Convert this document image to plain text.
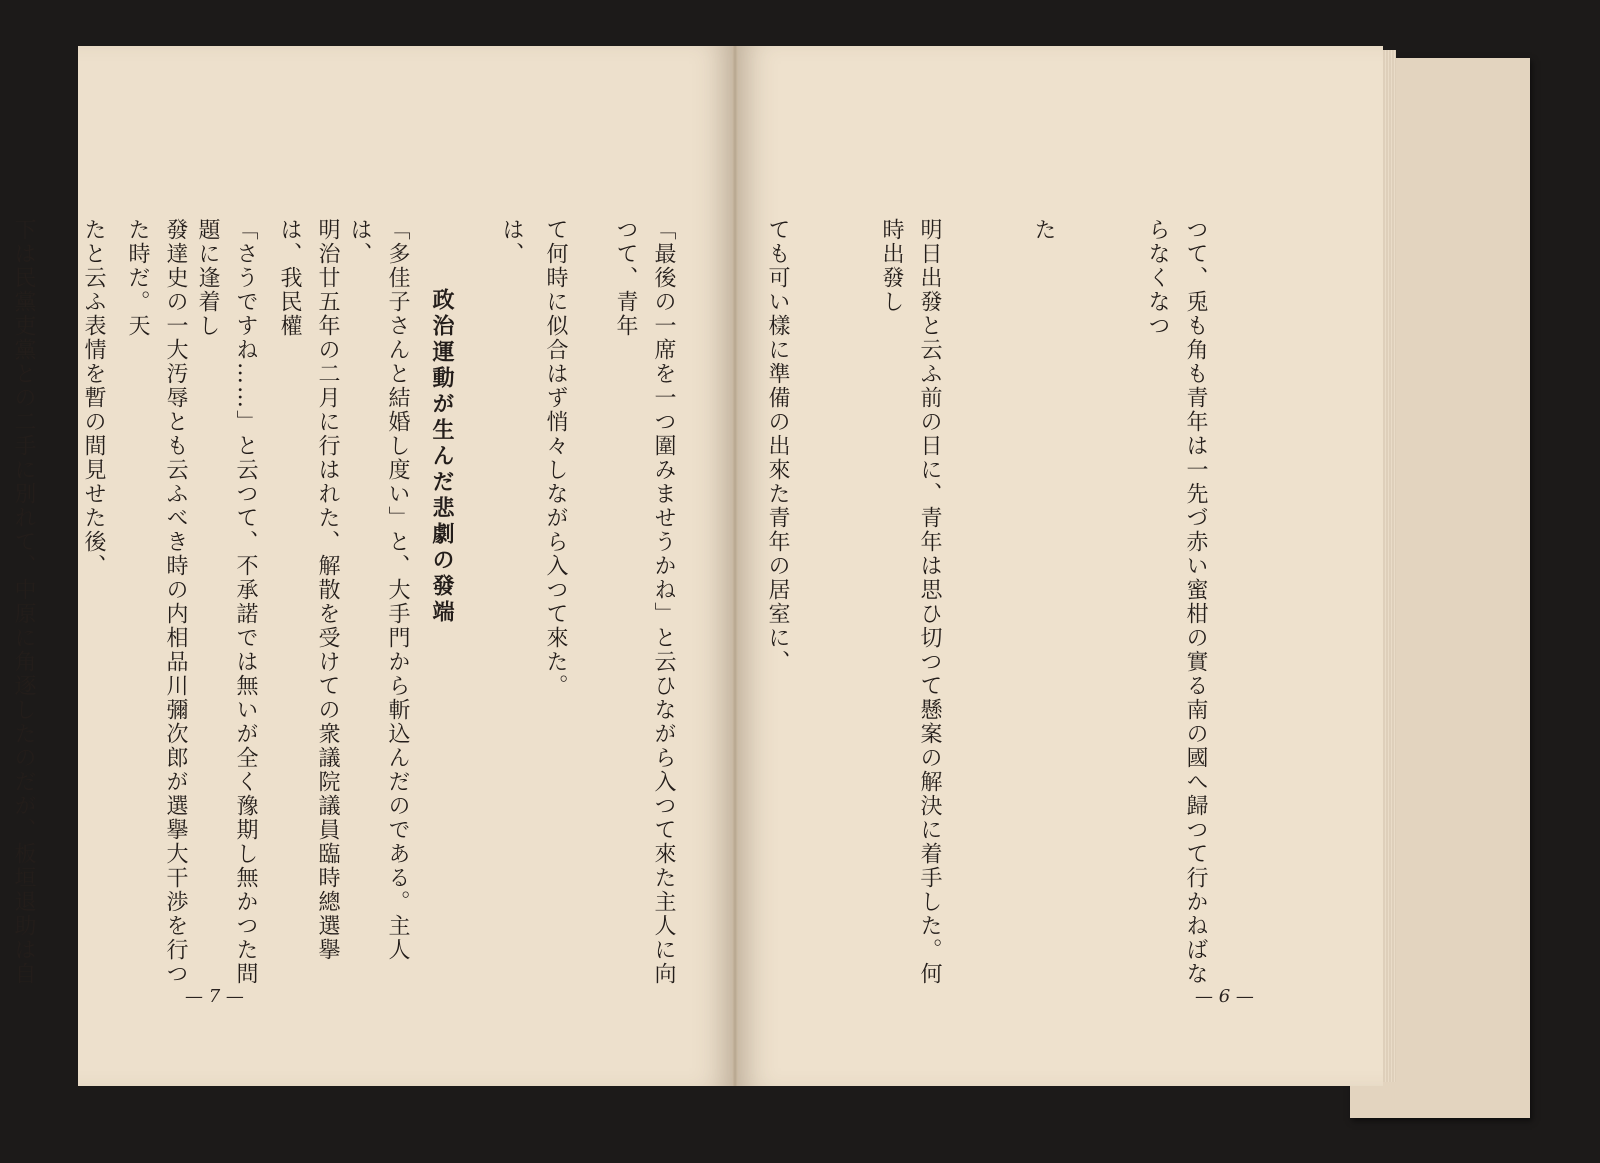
て何時に似合はず悄々しながら入つて來た。

政治運動が生んだ悲劇の發端

明治廿五年の二月に行はれた、解散を受けての衆議院議員臨時總選擧は、我民權

發達史の一大汚辱とも云ふべき時の内相品川彌次郎が選擧大干渉を行つた時だ。天

下は民黨吏黨との二手に別れて、中原に角逐したのだが、板垣退助は自

	つて、兎も角も青年は一先づ赤い蜜柑の實る南の國へ歸つて行かねばならなくなつ

た

明日出發と云ふ前の日に、青年は思ひ切つて懸案の解決に着手した。何時出發し

ても可い樣に準備の出來た青年の居室に、

「最後の一席を一つ圍みませうかね」と云ひながら入つて來た主人に向つて、青年

は、

「多佳子さんと結婚し度い」と、大手門から斬込んだのである。主人は、

「さうですね……」と云つて、不承諾では無いが全く豫期し無かつた問題に逢着し

たと云ふ表情を暫の間見せた後、

— 7 —	— 6 —
